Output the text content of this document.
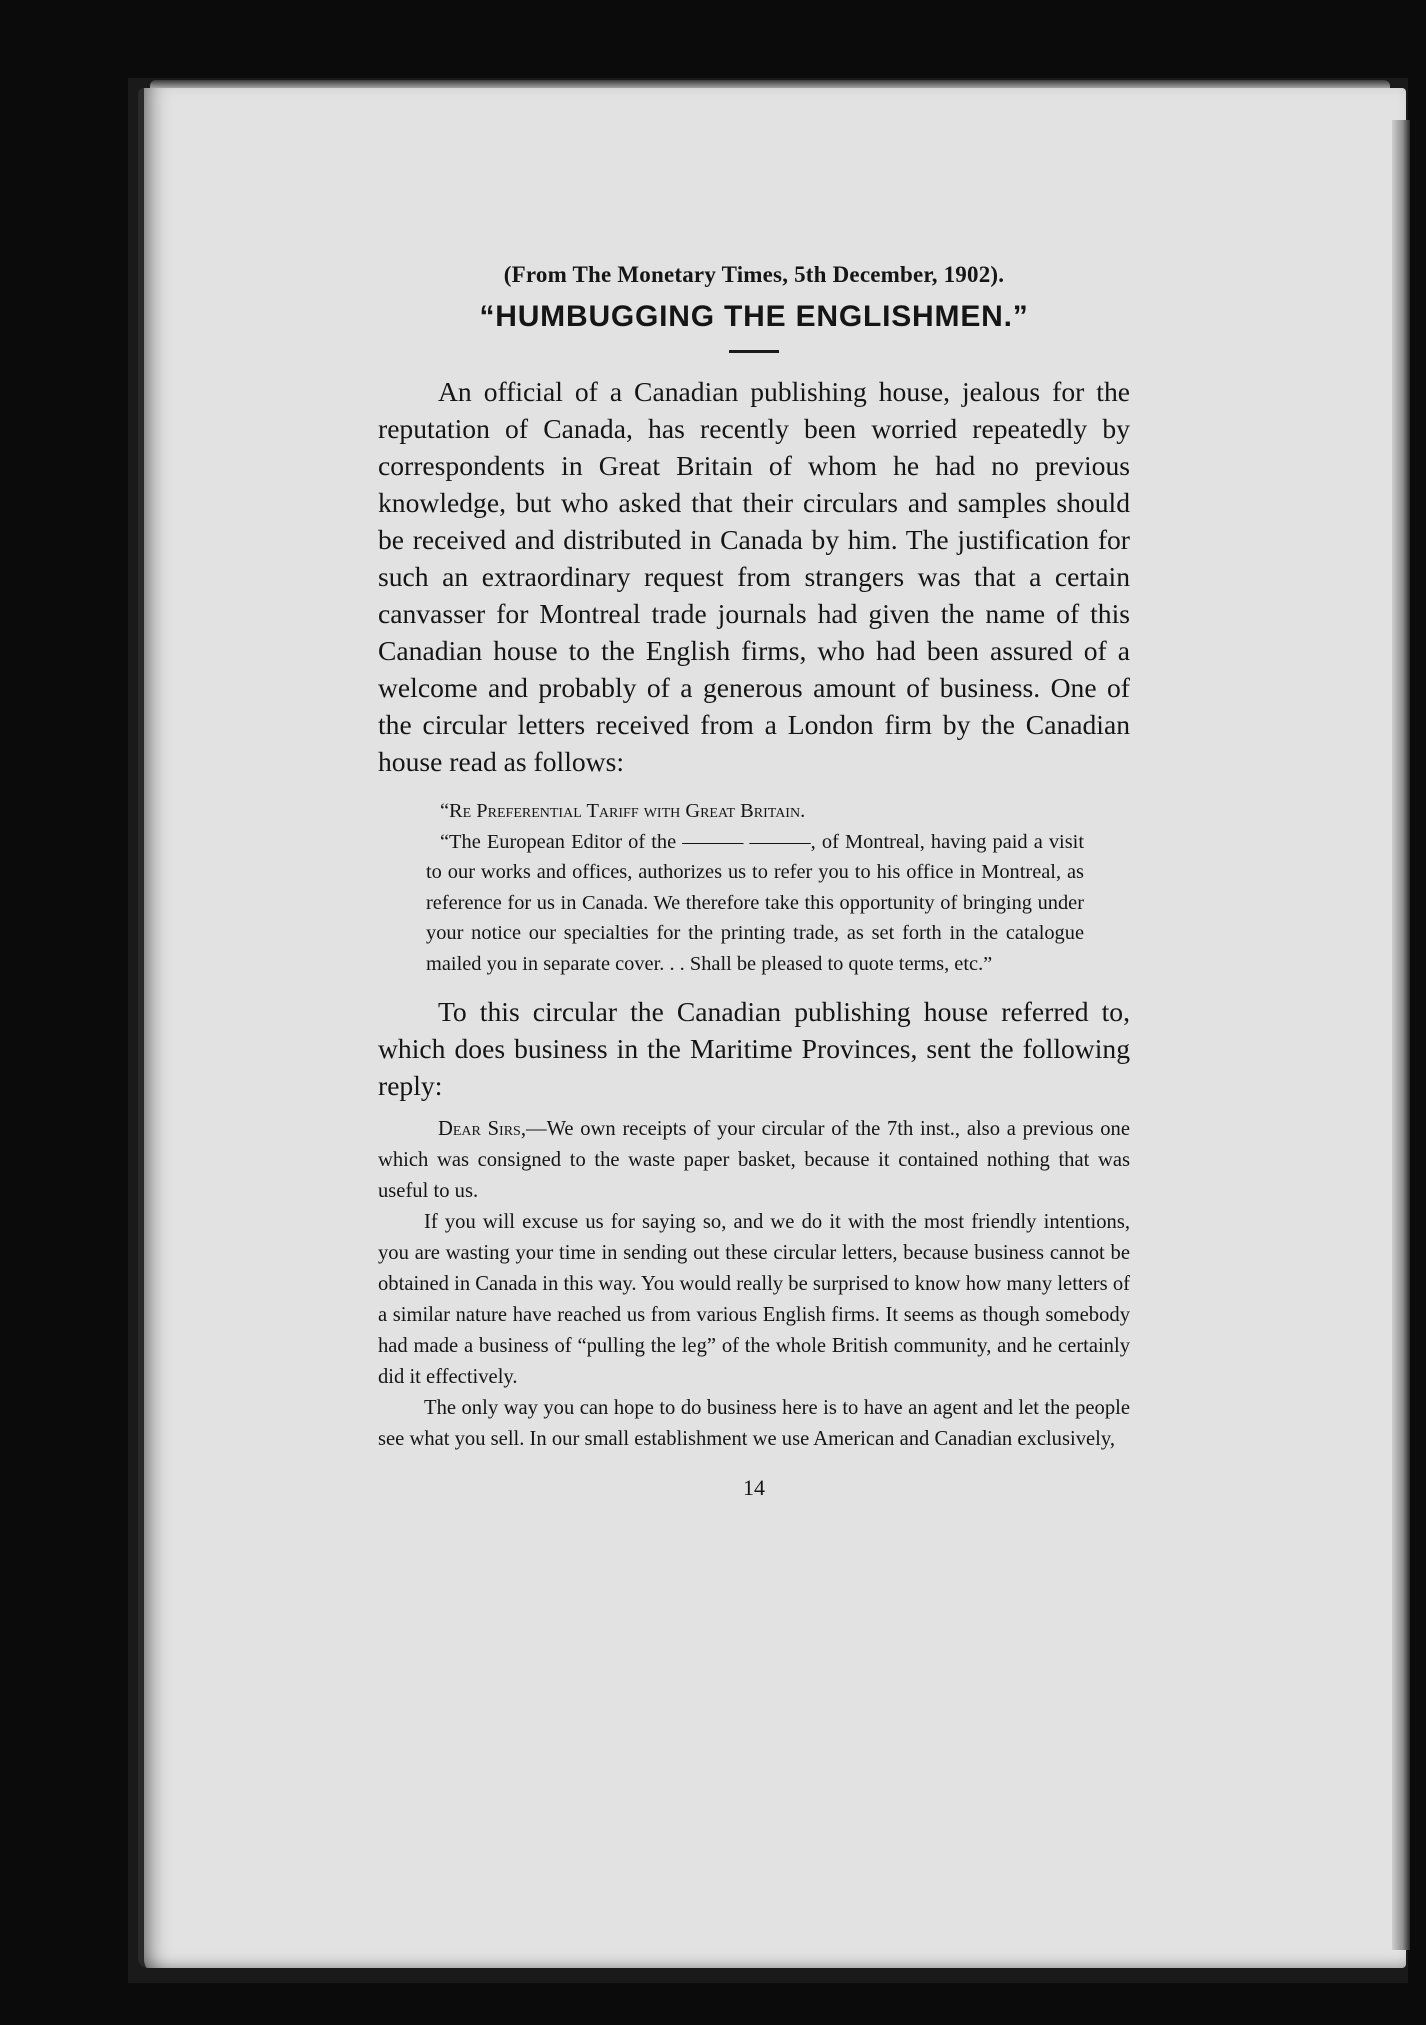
(From The Monetary Times, 5th December, 1902).

“HUMBUGGING THE ENGLISHMEN.”

An official of a Canadian publishing house, jealous for the reputation of Canada, has recently been worried repeatedly by correspondents in Great Britain of whom he had no previous knowledge, but who asked that their circulars and samples should be received and distributed in Canada by him. The justification for such an extraordinary request from strangers was that a certain canvasser for Montreal trade journals had given the name of this Canadian house to the English firms, who had been assured of a welcome and probably of a generous amount of business. One of the circular letters received from a London firm by the Canadian house read as follows:

“Re Preferential Tariff with Great Britain.

“The European Editor of the ——— ———, of Montreal, having paid a visit to our works and offices, authorizes us to refer you to his office in Montreal, as reference for us in Canada. We therefore take this opportunity of bringing under your notice our specialties for the printing trade, as set forth in the catalogue mailed you in separate cover. . . Shall be pleased to quote terms, etc.”

To this circular the Canadian publishing house referred to, which does business in the Maritime Provinces, sent the following reply:

Dear Sirs,—We own receipts of your circular of the 7th inst., also a previous one which was consigned to the waste paper basket, because it contained nothing that was useful to us.

If you will excuse us for saying so, and we do it with the most friendly intentions, you are wasting your time in sending out these circular letters, because business cannot be obtained in Canada in this way. You would really be surprised to know how many letters of a similar nature have reached us from various English firms. It seems as though somebody had made a business of “pulling the leg” of the whole British community, and he certainly did it effectively.

The only way you can hope to do business here is to have an agent and let the people see what you sell. In our small establishment we use American and Canadian exclusively,

14
